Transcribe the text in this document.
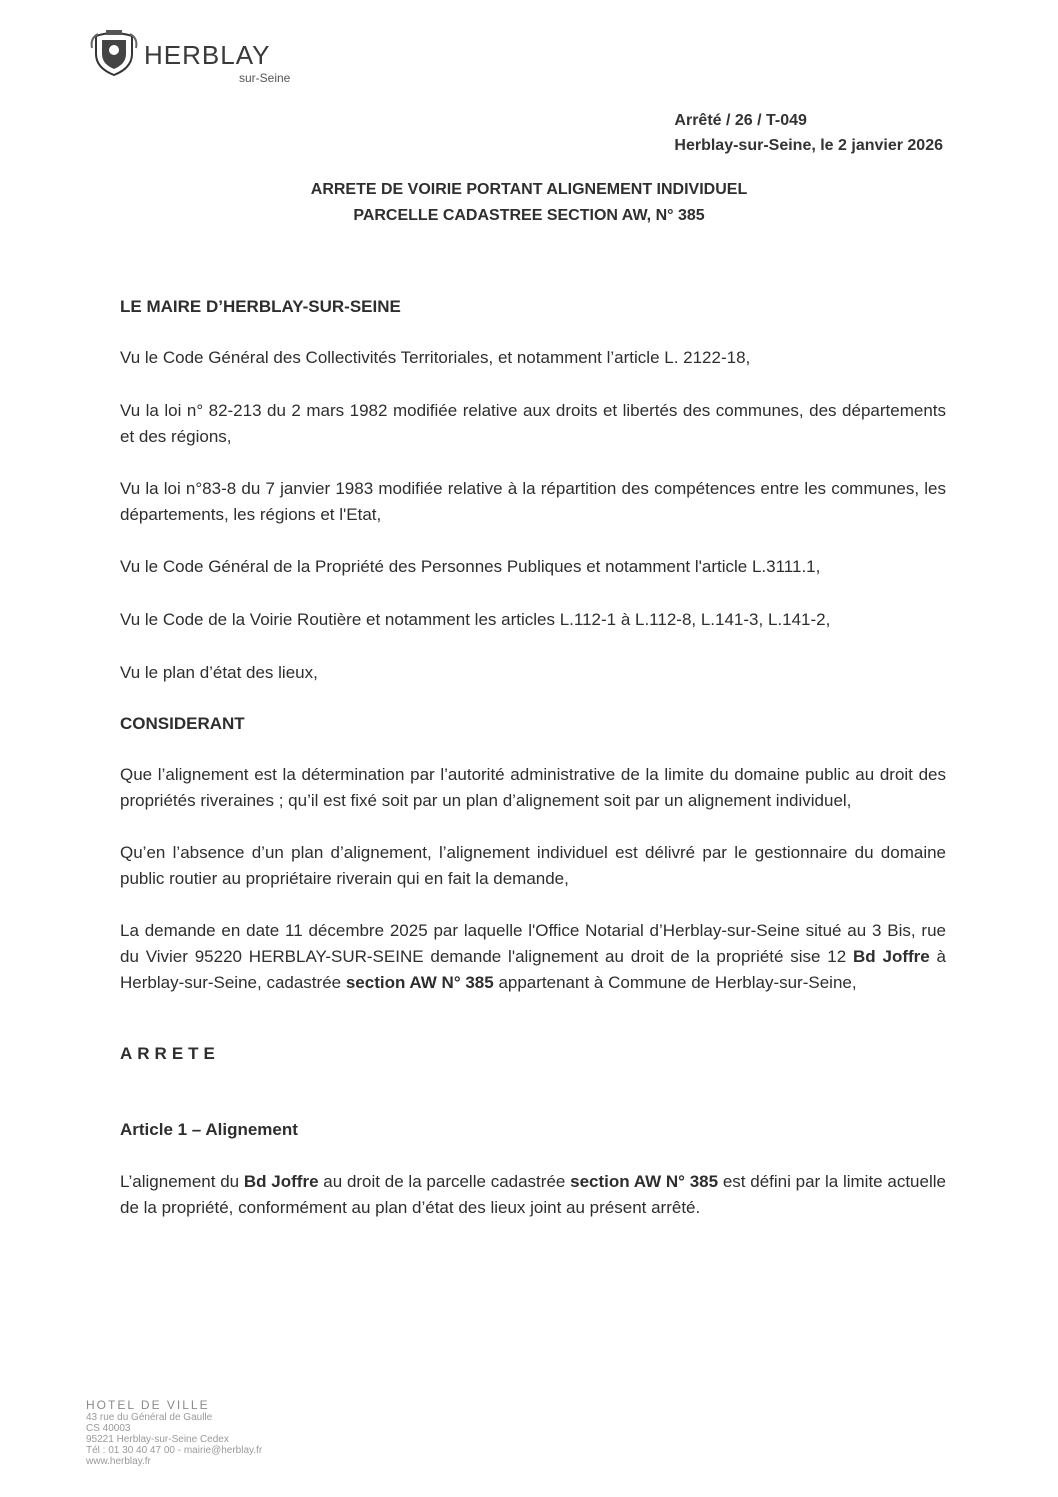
HERBLAY
sur-Seine
Arrêté / 26 / T-049
Herblay-sur-Seine, le 2 janvier 2026
ARRETE DE VOIRIE PORTANT ALIGNEMENT INDIVIDUEL
PARCELLE CADASTREE SECTION AW, N° 385

LE MAIRE D’HERBLAY-SUR-SEINE

Vu le Code Général des Collectivités Territoriales, et notamment l’article L. 2122-18,

Vu la loi n° 82-213 du 2 mars 1982 modifiée relative aux droits et libertés des communes, des départements et des régions,

Vu la loi n°83-8 du 7 janvier 1983 modifiée relative à la répartition des compétences entre les communes, les départements, les régions et l'Etat,

Vu le Code Général de la Propriété des Personnes Publiques et notamment l'article L.3111.1,

Vu le Code de la Voirie Routière et notamment les articles L.112-1 à L.112-8, L.141-3, L.141-2,

Vu le plan d’état des lieux,

CONSIDERANT

Que l’alignement est la détermination par l’autorité administrative de la limite du domaine public au droit des propriétés riveraines ; qu’il est fixé soit par un plan d’alignement soit par un alignement individuel,

Qu’en l’absence d’un plan d’alignement, l’alignement individuel est délivré par le gestionnaire du domaine public routier au propriétaire riverain qui en fait la demande,

La demande en date 11 décembre 2025 par laquelle l'Office Notarial d’Herblay-sur-Seine situé au 3 Bis, rue du Vivier 95220 HERBLAY-SUR-SEINE demande l'alignement au droit de la propriété sise 12 Bd Joffre à Herblay-sur-Seine, cadastrée section AW N° 385 appartenant à Commune de Herblay-sur-Seine,

ARRETE

Article 1 – Alignement

L’alignement du Bd Joffre au droit de la parcelle cadastrée section AW N° 385 est défini par la limite actuelle de la propriété, conformément au plan d’état des lieux joint au présent arrêté.

HOTEL DE VILLE
43 rue du Général de Gaulle
CS 40003
95221 Herblay-sur-Seine Cedex
Tél : 01 30 40 47 00 - mairie@herblay.fr
www.herblay.fr
